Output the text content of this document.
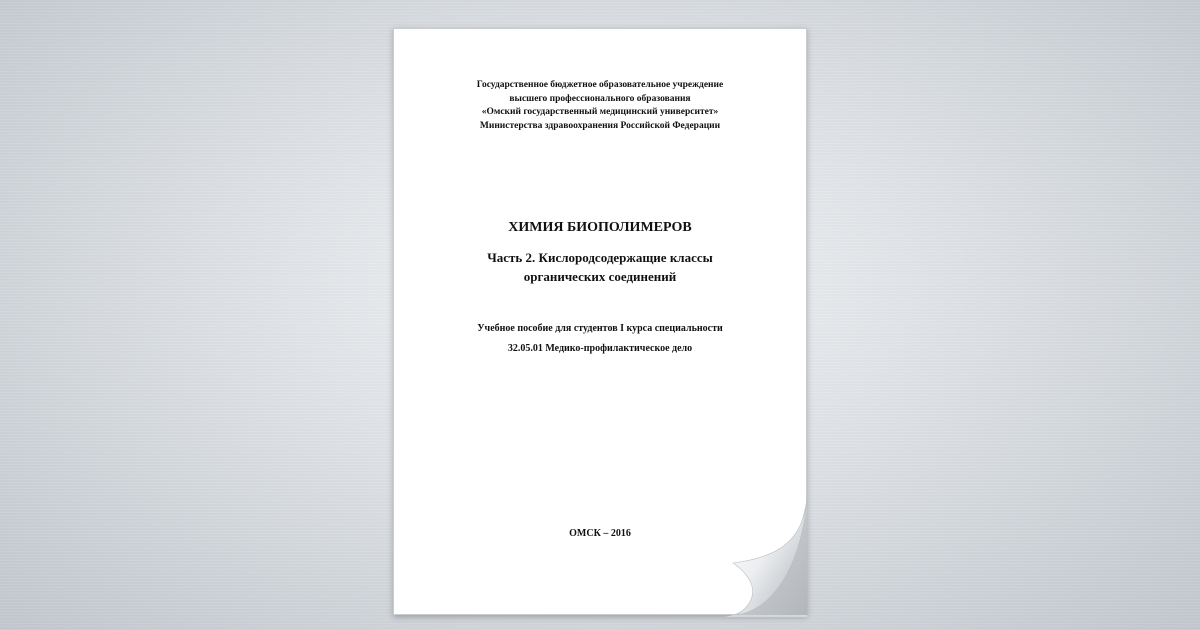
Государственное бюджетное образовательное учреждение
высшего профессионального образования
«Омский государственный медицинский университет»
Министерства здравоохранения Российской Федерации
ХИМИЯ БИОПОЛИМЕРОВ
Часть 2. Кислородсодержащие классы
органических соединений
Учебное пособие для студентов I курса специальности
32.05.01 Медико-профилактическое дело
ОМСК – 2016
